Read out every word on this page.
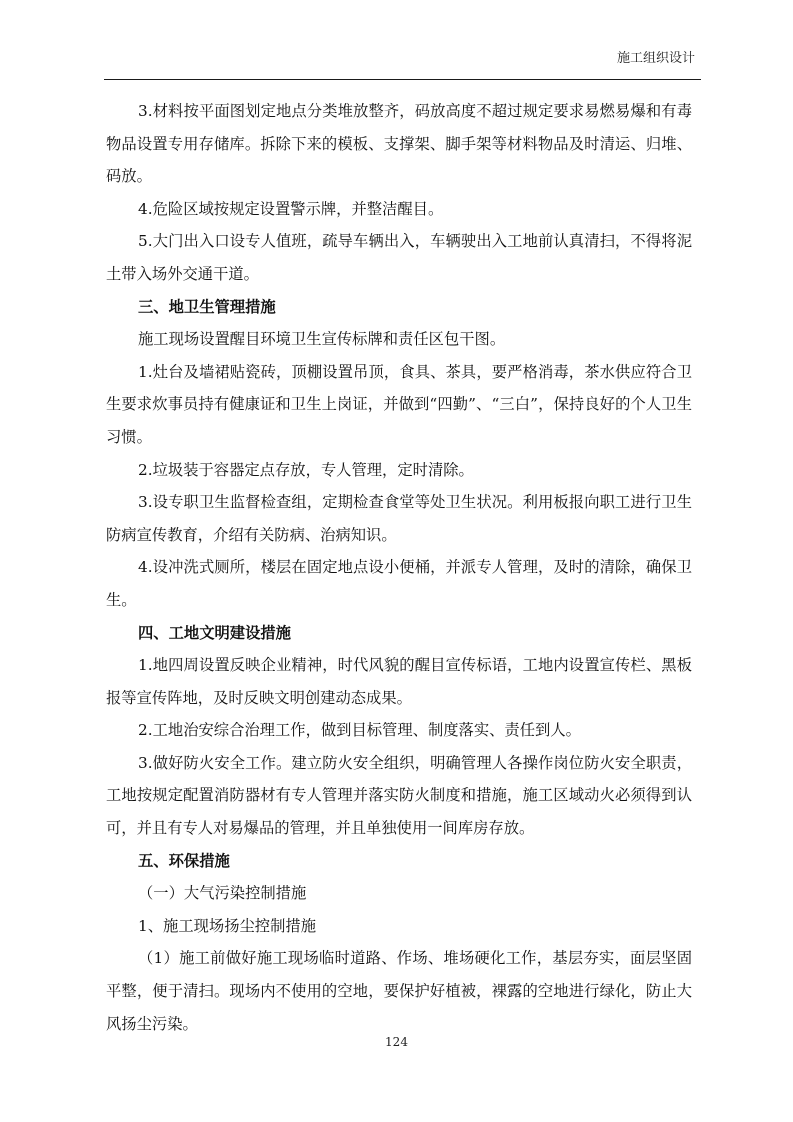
施工组织设计

3.材料按平面图划定地点分类堆放整齐，码放高度不超过规定要求易燃易爆和有毒物品设置专用存储库。拆除下来的模板、支撑架、脚手架等材料物品及时清运、归堆、码放。

4.危险区域按规定设置警示牌，并整洁醒目。

5.大门出入口设专人值班，疏导车辆出入，车辆驶出入工地前认真清扫，不得将泥土带入场外交通干道。

三、地卫生管理措施

施工现场设置醒目环境卫生宣传标牌和责任区包干图。

1.灶台及墙裙贴瓷砖，顶棚设置吊顶，食具、茶具，要严格消毒，茶水供应符合卫生要求炊事员持有健康证和卫生上岗证，并做到“四勤”、“三白”，保持良好的个人卫生习惯。

2.垃圾装于容器定点存放，专人管理，定时清除。

3.设专职卫生监督检查组，定期检查食堂等处卫生状况。利用板报向职工进行卫生防病宣传教育，介绍有关防病、治病知识。

4.设冲洗式厕所，楼层在固定地点设小便桶，并派专人管理，及时的清除，确保卫生。

四、工地文明建设措施

1.地四周设置反映企业精神，时代风貌的醒目宣传标语，工地内设置宣传栏、黑板报等宣传阵地，及时反映文明创建动态成果。

2.工地治安综合治理工作，做到目标管理、制度落实、责任到人。

3.做好防火安全工作。建立防火安全组织，明确管理人各操作岗位防火安全职责，工地按规定配置消防器材有专人管理并落实防火制度和措施，施工区域动火必须得到认可，并且有专人对易爆品的管理，并且单独使用一间库房存放。

五、环保措施

（一）大气污染控制措施

1、施工现场扬尘控制措施

（1）施工前做好施工现场临时道路、作场、堆场硬化工作，基层夯实，面层坚固平整，便于清扫。现场内不使用的空地，要保护好植被，裸露的空地进行绿化，防止大风扬尘污染。

124
